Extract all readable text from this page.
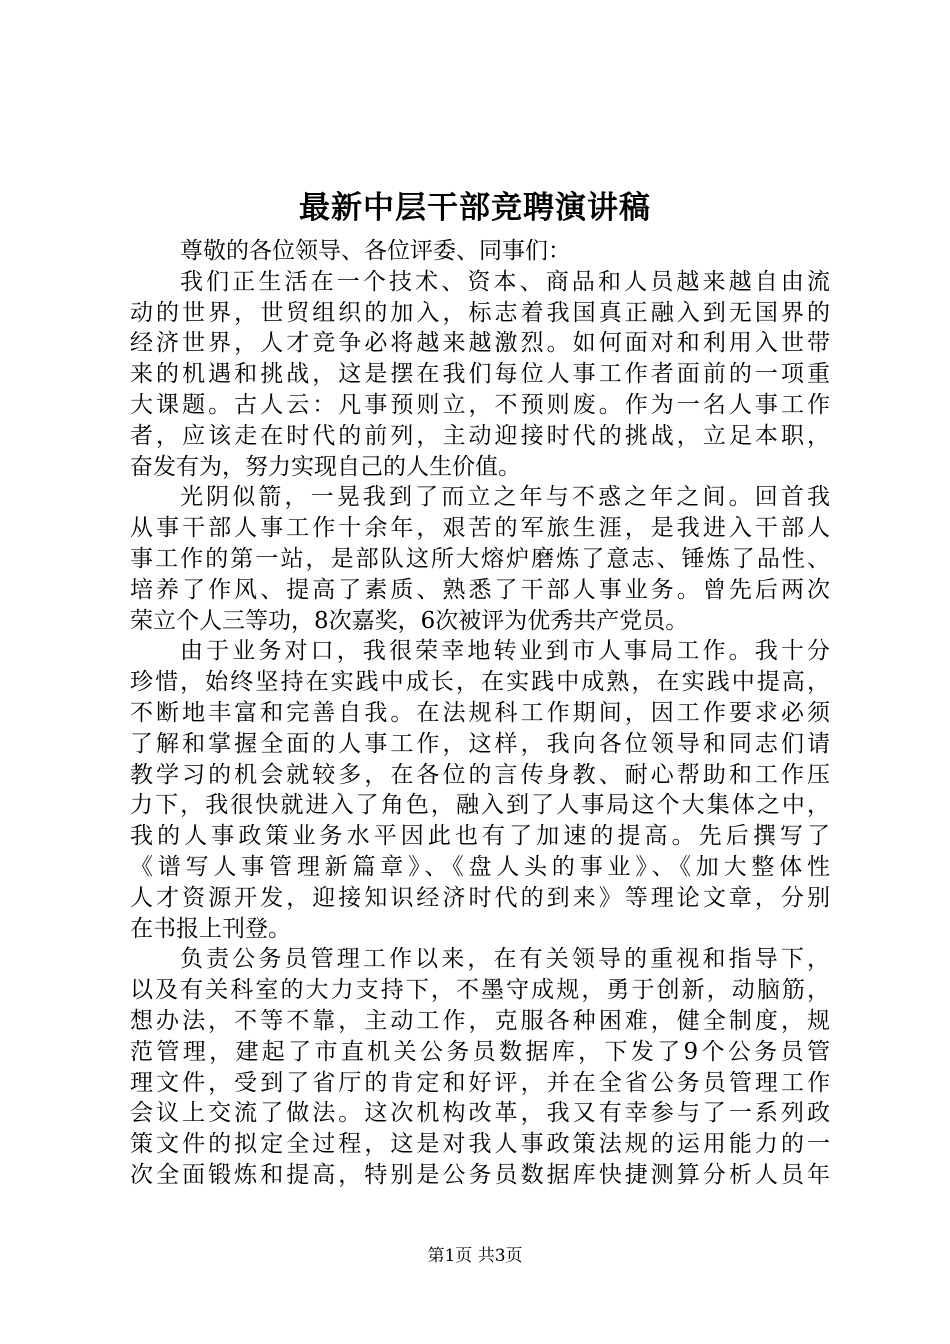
最新中层干部竞聘演讲稿
尊敬的各位领导、各位评委、同事们：
我们正生活在一个技术、资本、商品和人员越来越自由流
动的世界，世贸组织的加入，标志着我国真正融入到无国界的
经济世界，人才竞争必将越来越激烈。如何面对和利用入世带
来的机遇和挑战，这是摆在我们每位人事工作者面前的一项重
大课题。古人云：凡事预则立，不预则废。作为一名人事工作
者，应该走在时代的前列，主动迎接时代的挑战，立足本职，
奋发有为，努力实现自己的人生价值。
光阴似箭，一晃我到了而立之年与不惑之年之间。回首我
从事干部人事工作十余年，艰苦的军旅生涯，是我进入干部人
事工作的第一站，是部队这所大熔炉磨炼了意志、锤炼了品性、
培养了作风、提高了素质、熟悉了干部人事业务。曾先后两次
荣立个人三等功，8次嘉奖，6次被评为优秀共产党员。
由于业务对口，我很荣幸地转业到市人事局工作。我十分
珍惜，始终坚持在实践中成长，在实践中成熟，在实践中提高，
不断地丰富和完善自我。在法规科工作期间，因工作要求必须
了解和掌握全面的人事工作，这样，我向各位领导和同志们请
教学习的机会就较多，在各位的言传身教、耐心帮助和工作压
力下，我很快就进入了角色，融入到了人事局这个大集体之中，
我的人事政策业务水平因此也有了加速的提高。先后撰写了
《谱写人事管理新篇章》、《盘人头的事业》、《加大整体性
人才资源开发，迎接知识经济时代的到来》等理论文章，分别
在书报上刊登。
负责公务员管理工作以来，在有关领导的重视和指导下，
以及有关科室的大力支持下，不墨守成规，勇于创新，动脑筋，
想办法，不等不靠，主动工作，克服各种困难，健全制度，规
范管理，建起了市直机关公务员数据库，下发了9个公务员管
理文件，受到了省厅的肯定和好评，并在全省公务员管理工作
会议上交流了做法。这次机构改革，我又有幸参与了一系列政
策文件的拟定全过程，这是对我人事政策法规的运用能力的一
次全面锻炼和提高，特别是公务员数据库快捷测算分析人员年
第1页 共3页
